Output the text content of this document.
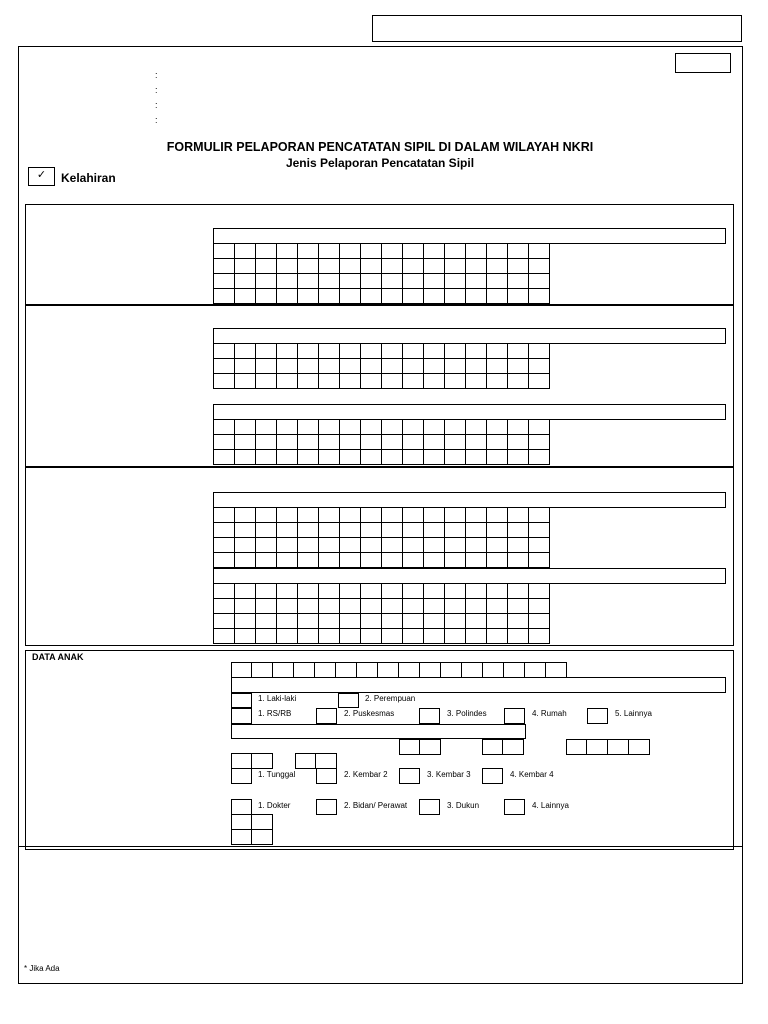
:
:
:
:
FORMULIR PELAPORAN PENCATATAN SIPIL DI DALAM WILAYAH NKRI
Jenis Pelaporan Pencatatan Sipil
✓	Kelahiran
DATA ANAK
1. Laki-laki	2. Perempuan
1. RS/RB	2. Puskesmas	3. Polindes	4. Rumah	5. Lainnya
1. Tunggal	2. Kembar 2	3. Kembar 3	4. Kembar 4
1. Dokter	2. Bidan/ Perawat	3. Dukun	4. Lainnya
* Jika Ada
